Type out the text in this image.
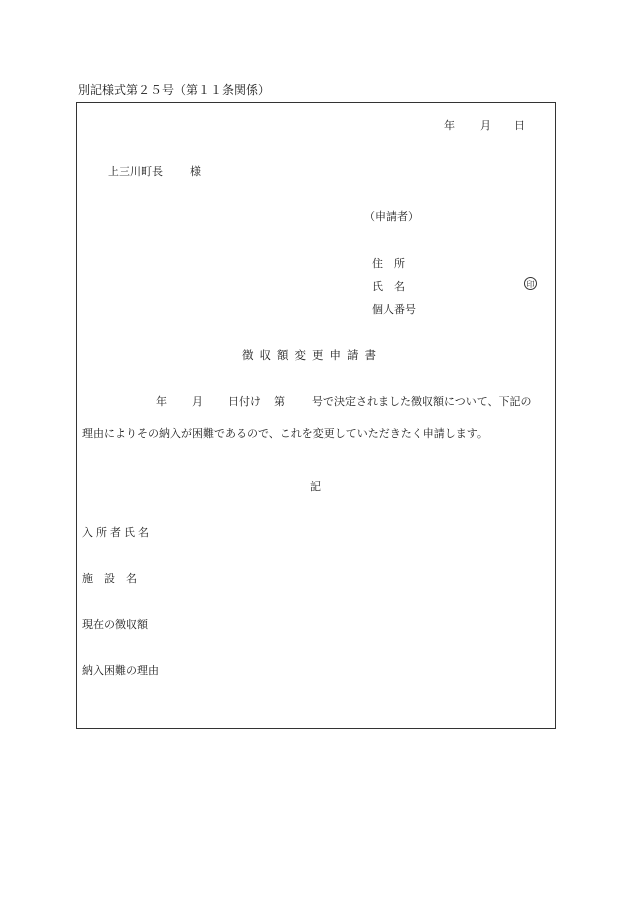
別記様式第２５号（第１１条関係）
年 月 日
上三川町長 様
（申請者）
住　所
氏　名	印
個人番号
徴収額変更申請書
年 月 日付け 第 号で決定されました徴収額について、下記の
理由によりその納入が困難であるので、これを変更していただきたく申請します。
記
入所者氏名
施　設　名
現在の徴収額
納入困難の理由
